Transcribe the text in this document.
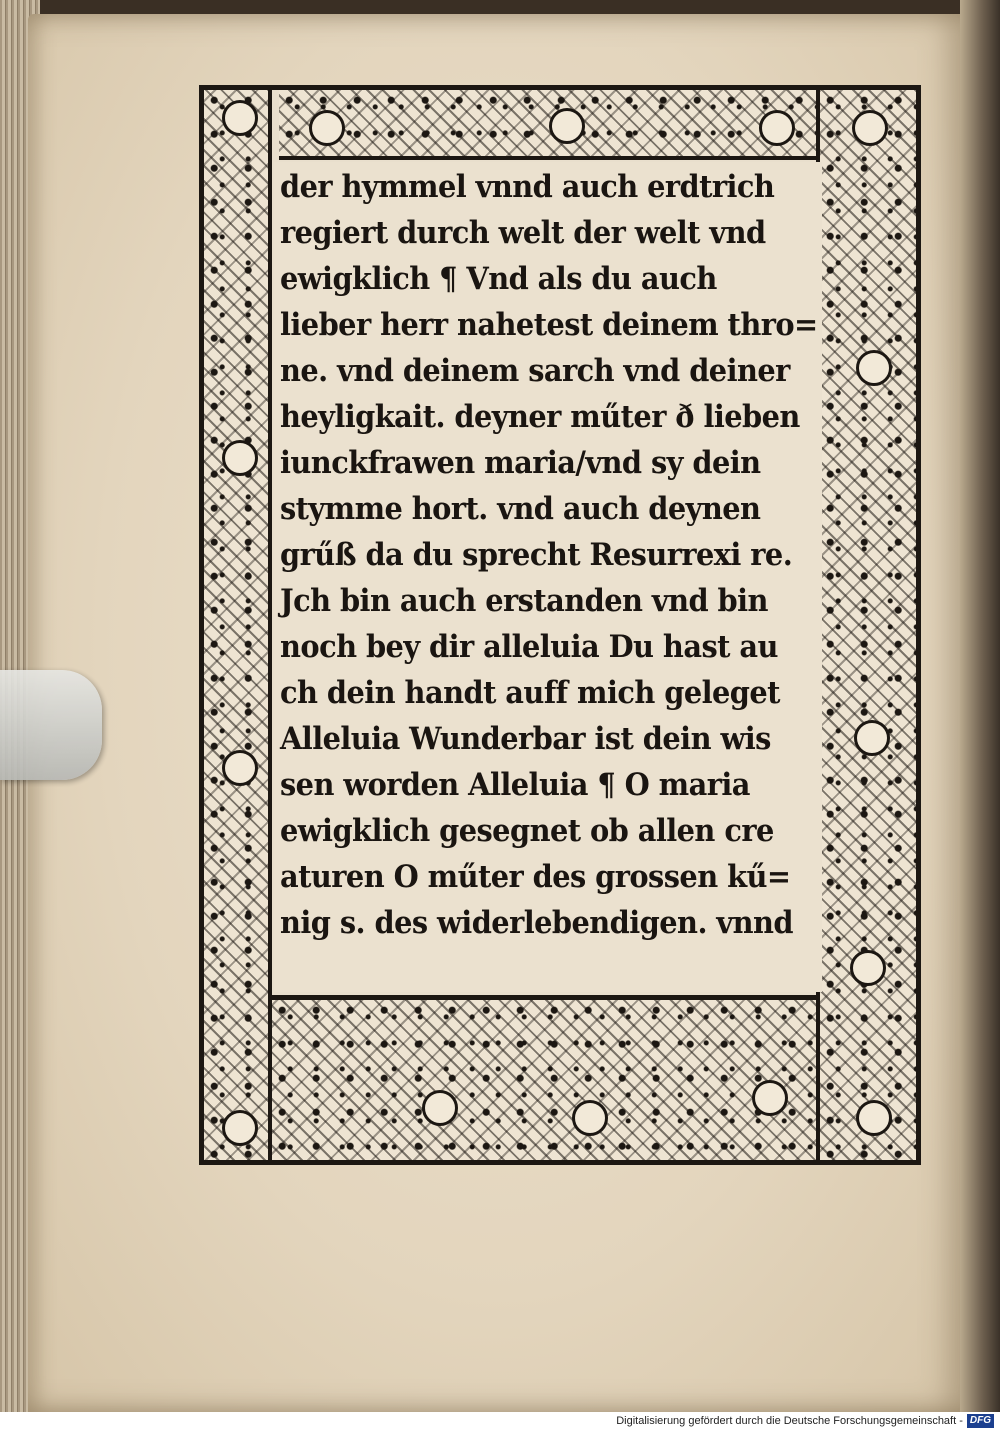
der hymmel vnnd auch erdtrich
regiert durch welt der welt vnd
ewigklich ¶ Vnd als du auch
lieber herr nahetest deinem thro=
ne. vnd deinem sarch vnd deiner
heyligkait. deyner műter ð lieben
iunckfrawen maria/vnd sy dein
stymme hort. vnd auch deynen
grűß da du sprecht Resurrexi re.
Jch bin auch erstanden vnd bin
noch bey dir alleluia Du hast au
ch dein handt auff mich geleget
Alleluia Wunderbar ist dein wis
sen worden Alleluia ¶ O maria
ewigklich gesegnet ob allen cre
aturen O műter des grossen kű=
nig s. des widerlebendigen. vnnd
Digitalisierung gefördert durch die Deutsche Forschungsgemeinschaft - DFG
